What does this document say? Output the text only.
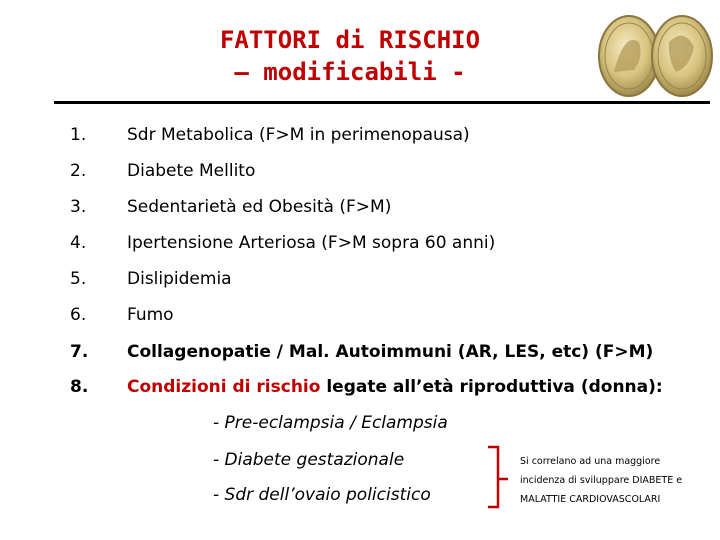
FATTORI di RISCHIO
– modificabili -
1. Sdr Metabolica (F>M in perimenopausa)
2. Diabete Mellito
3. Sedentarietà ed Obesità (F>M)
4. Ipertensione Arteriosa (F>M sopra 60 anni)
5. Dislipidemia
6. Fumo
7. Collagenopatie / Mal. Autoimmuni (AR, LES, etc) (F>M)
8. Condizioni di rischio legate all’età riproduttiva (donna):
- Pre-eclampsia / Eclampsia
- Diabete gestazionale
- Sdr dell’ovaio policistico
Si correlano ad una maggiore
incidenza di sviluppare DIABETE e
MALATTIE CARDIOVASCOLARI
